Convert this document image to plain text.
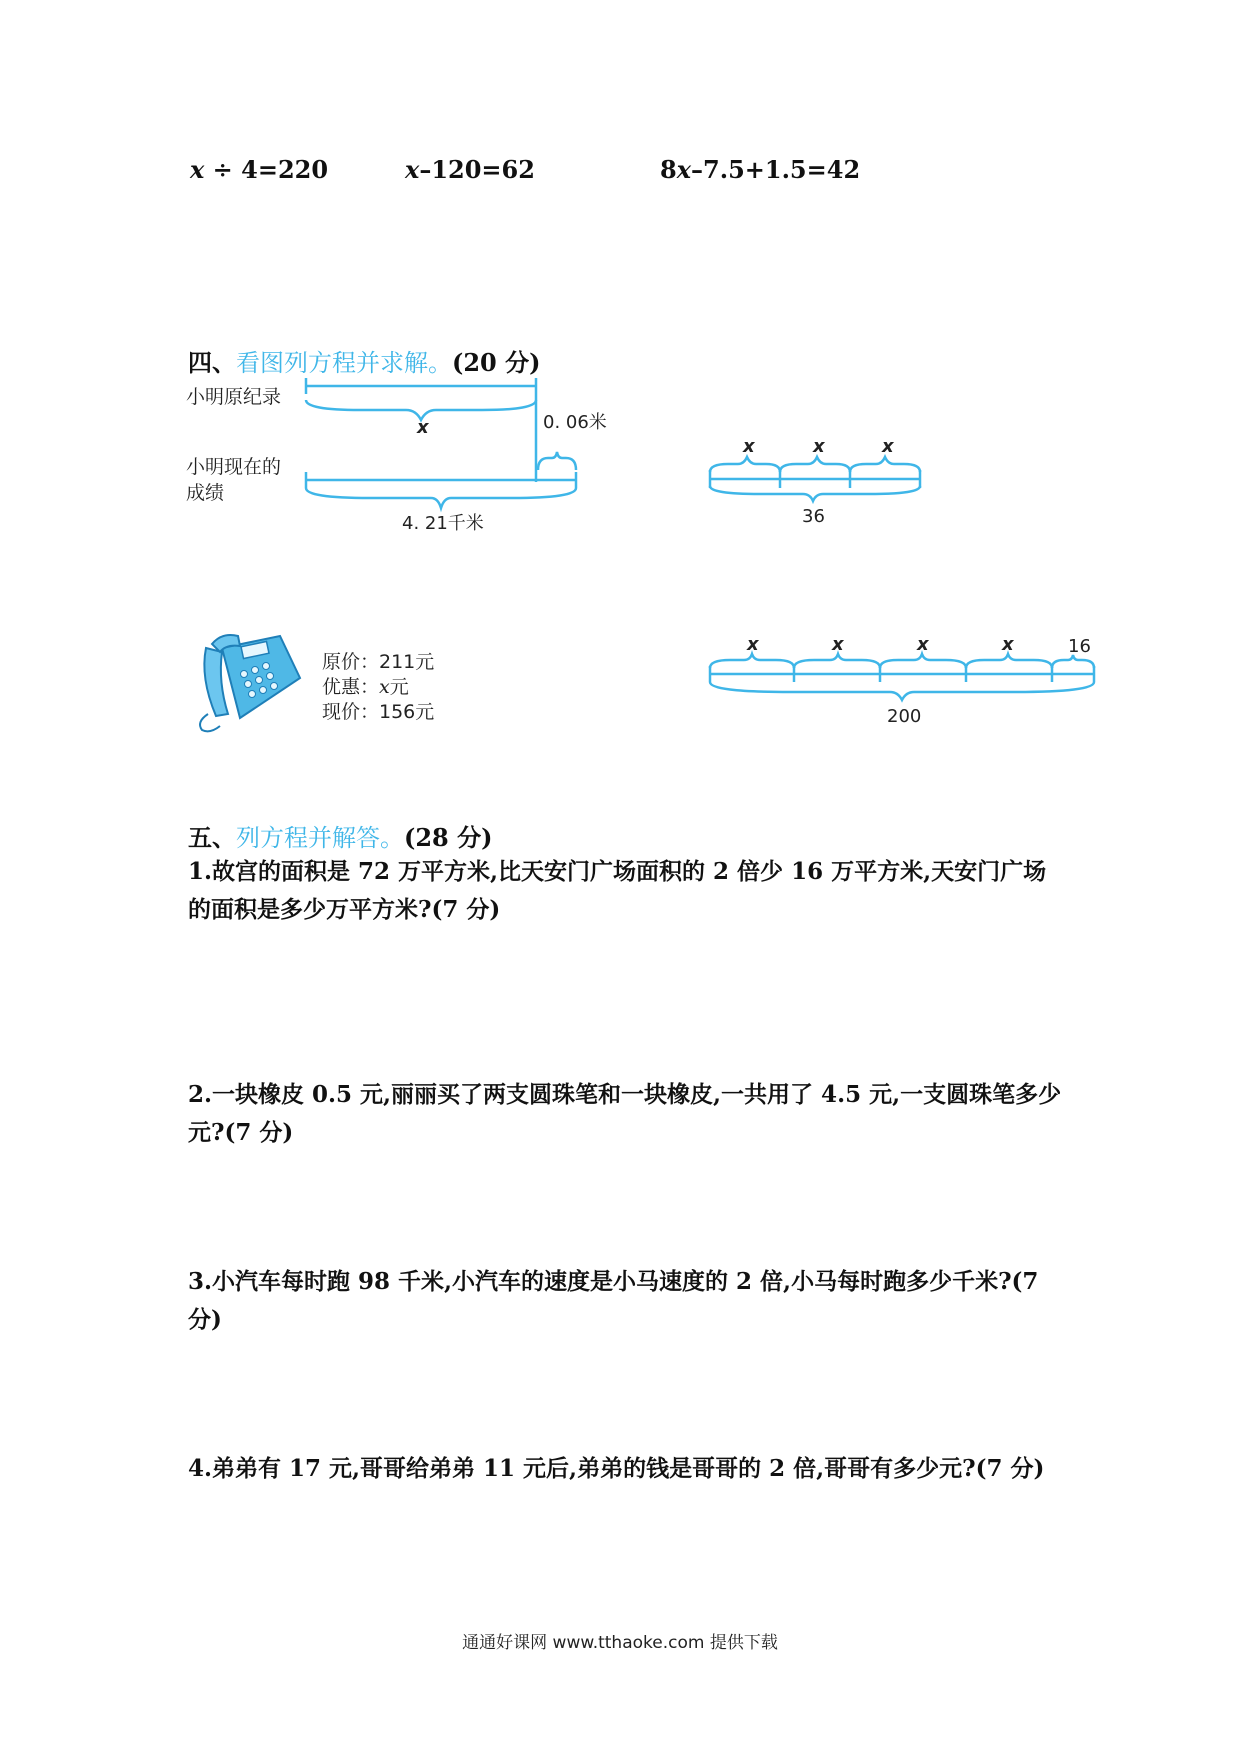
x ÷ 4=220	x–120=62	8x–7.5+1.5=42
四、看图列方程并求解。(20 分)
小明原纪录
小明现在的
成绩
x	0. 06米
4. 21千米
x	x	x
36
原价：211元
优惠：x元
现价：156元
x	x	x	x	16
200
五、列方程并解答。(28 分)
1.故宫的面积是 72 万平方米,比天安门广场面积的 2 倍少 16 万平方米,天安门广场的面积是多少万平方米?(7 分)
2.一块橡皮 0.5 元,丽丽买了两支圆珠笔和一块橡皮,一共用了 4.5 元,一支圆珠笔多少元?(7 分)
3.小汽车每时跑 98 千米,小汽车的速度是小马速度的 2 倍,小马每时跑多少千米?(7 分)
4.弟弟有 17 元,哥哥给弟弟 11 元后,弟弟的钱是哥哥的 2 倍,哥哥有多少元?(7 分)
通通好课网 www.tthaoke.com 提供下载
